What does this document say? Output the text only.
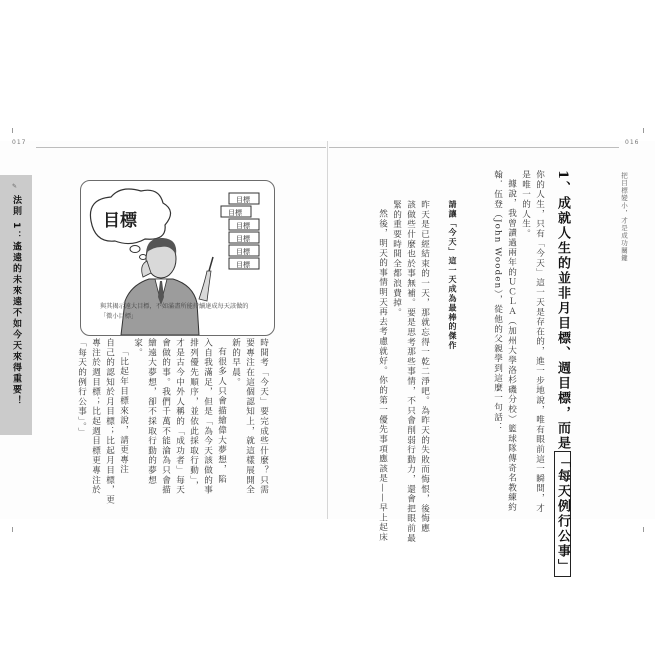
017	016
✎
法則 1：遙遠的未來遠不如今天來得重要！	目標
目標
目標
目標
目標
目標
目標
與其揭示遠大目標，不如滿盡所能持續達成每天該做的
「微小目標」
時間考「今天」要完成些什麼？只需
要專注在這個認知上，就這樣展開全
新的早晨。
有很多人只會描繪偉大夢想，陷
入自我滿足，但是「為今天該做的事
排列優先順序，並依此採取行動」，
才是古今中外人稱的「成功者」每天
會做的事。我們千萬不能淪為只會描
繪遠大夢想，卻不採取行動的夢想
家。
「比起年目標來說，請更專注
自己的認知於月目標；比起月目標，更
專注於週目標；比起週目標更專注於
「每天的例行公事」。」
把目標變小，才是成功關鍵
1、成就人生的並非月目標、週目標，而是「每天例行公事」
你的人生，只有「今天」這一天是存在的，進一步地說，唯有眼前這一瞬間，才
是唯一的人生。
據說，我曾讀過兩年的ＵＣＬＡ（加州大學洛杉磯分校）籃球隊傳奇名教練約
翰．伍登（John Wooden），從他的父親學到這麼一句話：
請讓「今天」這一天成為最棒的傑作
昨天是已經結束的一天，那就忘得一乾二淨吧。為昨天的失敗而悔恨，後悔應
該做些什麼也於事無補。要是思考那些事情，不只會削弱行動力，還會把眼前最
緊的重要時間全都浪費掉。
然後，明天的事情明天再去考慮就好。你的第一優先事項應該是——早上起床
